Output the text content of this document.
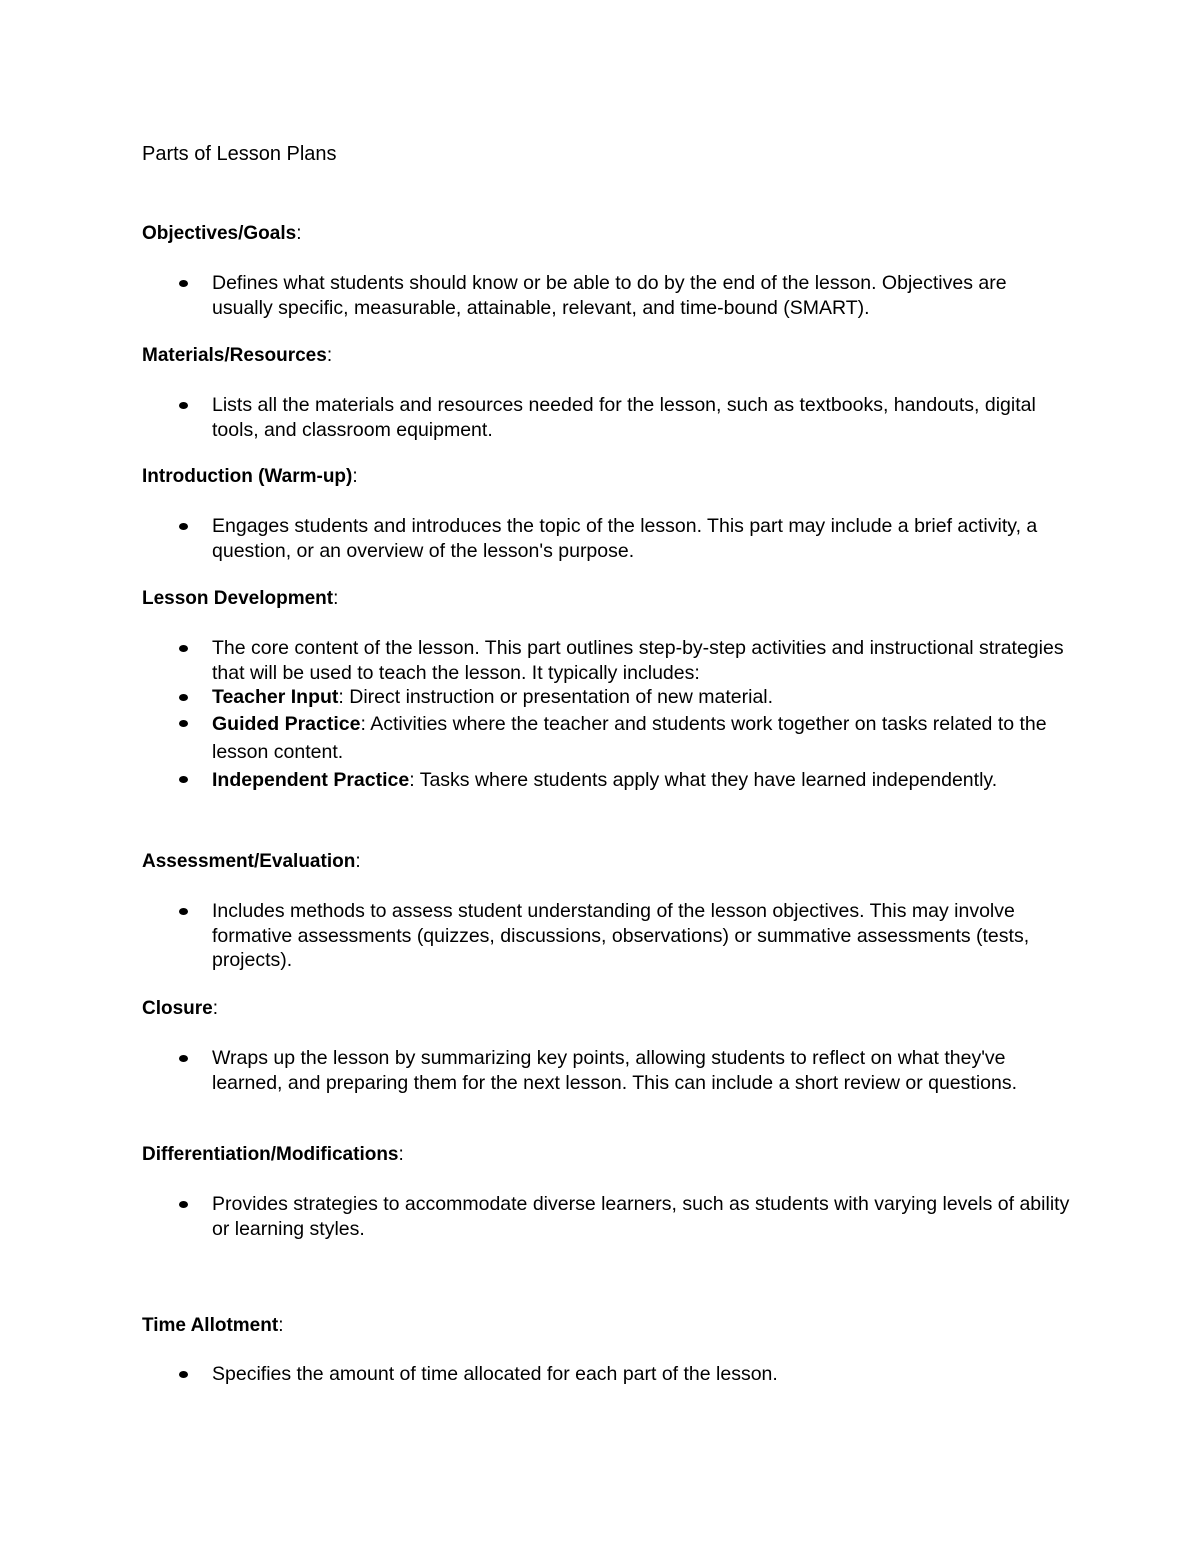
Parts of Lesson Plans
Objectives/Goals:
Defines what students should know or be able to do by the end of the lesson. Objectives are usually specific, measurable, attainable, relevant, and time-bound (SMART).
Materials/Resources:
Lists all the materials and resources needed for the lesson, such as textbooks, handouts, digital tools, and classroom equipment.
Introduction (Warm-up):
Engages students and introduces the topic of the lesson. This part may include a brief activity, a question, or an overview of the lesson's purpose.
Lesson Development:
The core content of the lesson. This part outlines step-by-step activities and instructional strategies that will be used to teach the lesson. It typically includes:
Teacher Input: Direct instruction or presentation of new material.
Guided Practice: Activities where the teacher and students work together on tasks related to the lesson content.
Independent Practice: Tasks where students apply what they have learned independently.
Assessment/Evaluation:
Includes methods to assess student understanding of the lesson objectives. This may involve formative assessments (quizzes, discussions, observations) or summative assessments (tests, projects).
Closure:
Wraps up the lesson by summarizing key points, allowing students to reflect on what they've learned, and preparing them for the next lesson. This can include a short review or questions.
Differentiation/Modifications:
Provides strategies to accommodate diverse learners, such as students with varying levels of ability or learning styles.
Time Allotment:
Specifies the amount of time allocated for each part of the lesson.
